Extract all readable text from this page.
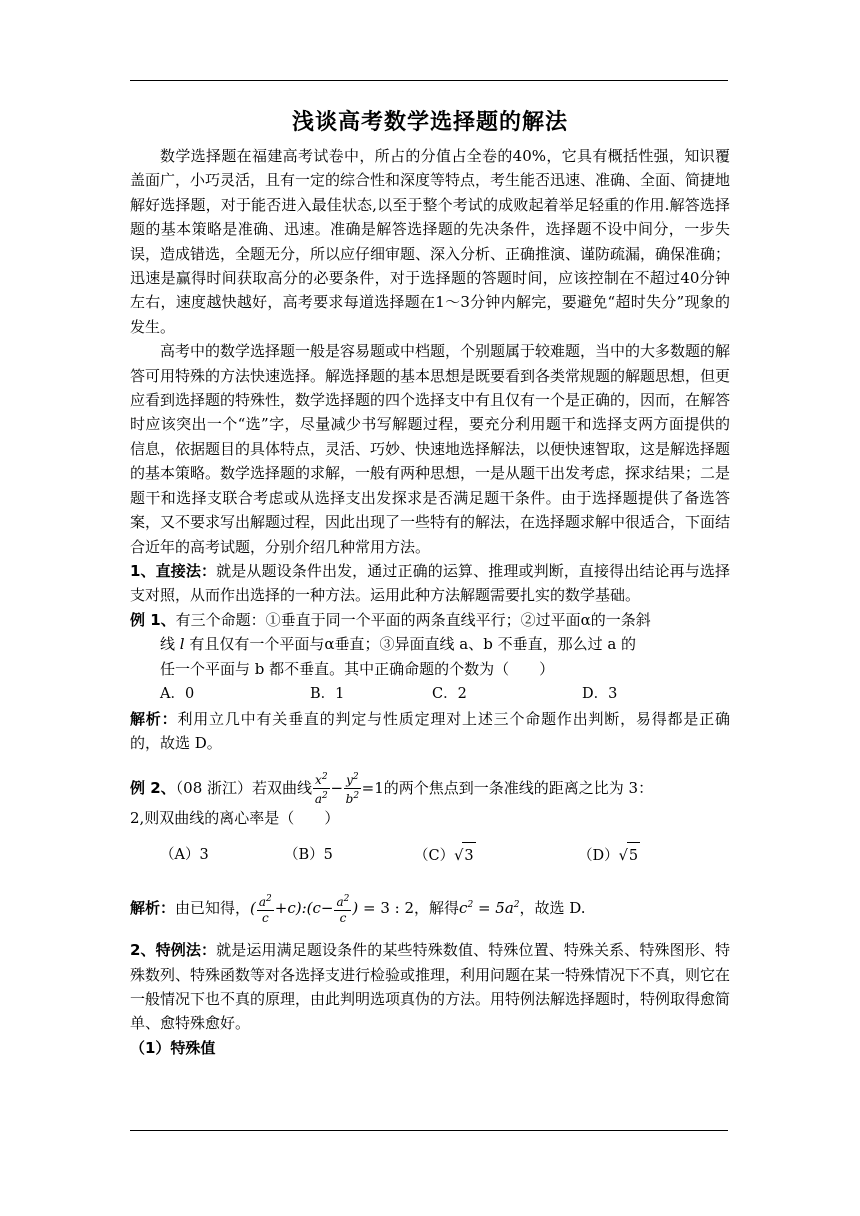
浅谈高考数学选择题的解法

数学选择题在福建高考试卷中，所占的分值占全卷的40%，它具有概括性强，知识覆盖面广，小巧灵活，且有一定的综合性和深度等特点，考生能否迅速、准确、全面、简捷地解好选择题，对于能否进入最佳状态,以至于整个考试的成败起着举足轻重的作用.解答选择题的基本策略是准确、迅速。准确是解答选择题的先决条件，选择题不设中间分，一步失误，造成错选，全题无分，所以应仔细审题、深入分析、正确推演、谨防疏漏，确保准确；迅速是赢得时间获取高分的必要条件，对于选择题的答题时间，应该控制在不超过40分钟左右，速度越快越好，高考要求每道选择题在1～3分钟内解完，要避免“超时失分”现象的发生。

高考中的数学选择题一般是容易题或中档题，个别题属于较难题，当中的大多数题的解答可用特殊的方法快速选择。解选择题的基本思想是既要看到各类常规题的解题思想，但更应看到选择题的特殊性，数学选择题的四个选择支中有且仅有一个是正确的，因而，在解答时应该突出一个“选”字，尽量减少书写解题过程，要充分利用题干和选择支两方面提供的信息，依据题目的具体特点，灵活、巧妙、快速地选择解法，以便快速智取，这是解选择题的基本策略。数学选择题的求解，一般有两种思想，一是从题干出发考虑，探求结果；二是题干和选择支联合考虑或从选择支出发探求是否满足题干条件。由于选择题提供了备选答案，又不要求写出解题过程，因此出现了一些特有的解法，在选择题求解中很适合，下面结合近年的高考试题，分别介绍几种常用方法。

1、直接法：就是从题设条件出发，通过正确的运算、推理或判断，直接得出结论再与选择支对照，从而作出选择的一种方法。运用此种方法解题需要扎实的数学基础。

例 1、有三个命题：①垂直于同一个平面的两条直线平行；②过平面α的一条斜

线 l 有且仅有一个平面与α垂直；③异面直线 a、b 不垂直，那么过 a 的

任一个平面与 b 都不垂直。其中正确命题的个数为（　　）

A．0	B．1	C．2	D．3

解析：利用立几中有关垂直的判定与性质定理对上述三个命题作出判断，易得都是正确的，故选 D。

例 2、（08 浙江）若双曲线 $\frac{x^2}{a^2} - \frac{y^2}{b^2} =1$的两个焦点到一条准线的距离之比为 3：

2,则双曲线的离心率是（　　）

（A）3	（B）5	（C）√3	（D）√5

解析：由已知得，( $\frac{a^2}{c}$ +c):(c− $\frac{a^2}{c}$ ) = 3 : 2，解得$c^2 = 5a^2$，故选 D.

2、特例法：就是运用满足题设条件的某些特殊数值、特殊位置、特殊关系、特殊图形、特殊数列、特殊函数等对各选择支进行检验或推理，利用问题在某一特殊情况下不真，则它在一般情况下也不真的原理，由此判明选项真伪的方法。用特例法解选择题时，特例取得愈简单、愈特殊愈好。

（1）特殊值
